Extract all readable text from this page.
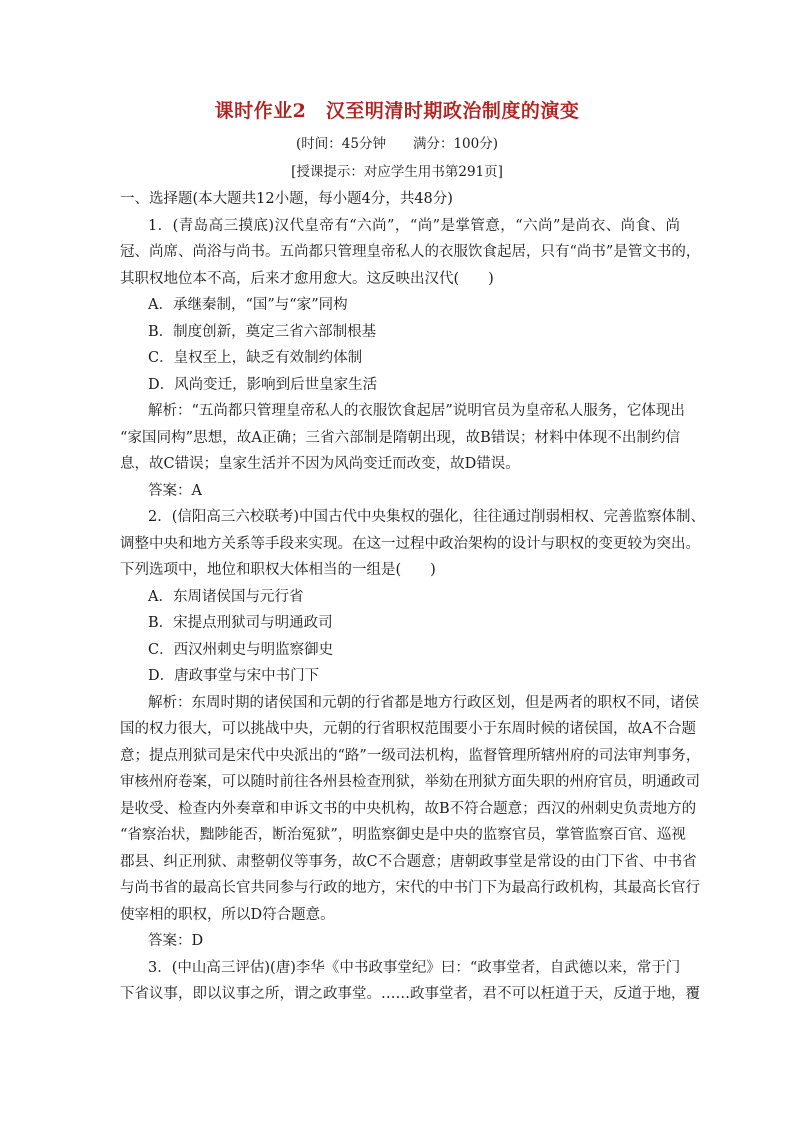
课时作业2　汉至明清时期政治制度的演变
(时间：45分钟　　满分：100分)
[授课提示：对应学生用书第291页]
一、选择题(本大题共12小题，每小题4分，共48分)
1．(青岛高三摸底)汉代皇帝有“六尚”，“尚”是掌管意，“六尚”是尚衣、尚食、尚
冠、尚席、尚浴与尚书。五尚都只管理皇帝私人的衣服饮食起居，只有“尚书”是管文书的，
其职权地位本不高，后来才愈用愈大。这反映出汉代(　　)
A．承继秦制，“国”与“家”同构
B．制度创新，奠定三省六部制根基
C．皇权至上，缺乏有效制约体制
D．风尚变迁，影响到后世皇家生活
解析：“五尚都只管理皇帝私人的衣服饮食起居”说明官员为皇帝私人服务，它体现出
“家国同构”思想，故A正确；三省六部制是隋朝出现，故B错误；材料中体现不出制约信
息，故C错误；皇家生活并不因为风尚变迁而改变，故D错误。
答案：A
2．(信阳高三六校联考)中国古代中央集权的强化，往往通过削弱相权、完善监察体制、
调整中央和地方关系等手段来实现。在这一过程中政治架构的设计与职权的变更较为突出。
下列选项中，地位和职权大体相当的一组是(　　)
A．东周诸侯国与元行省
B．宋提点刑狱司与明通政司
C．西汉州刺史与明监察御史
D．唐政事堂与宋中书门下
解析：东周时期的诸侯国和元朝的行省都是地方行政区划，但是两者的职权不同，诸侯
国的权力很大，可以挑战中央，元朝的行省职权范围要小于东周时候的诸侯国，故A不合题
意；提点刑狱司是宋代中央派出的“路”一级司法机构，监督管理所辖州府的司法审判事务，
审核州府卷案，可以随时前往各州县检查刑狱，举劾在刑狱方面失职的州府官员，明通政司
是收受、检查内外奏章和申诉文书的中央机构，故B不符合题意；西汉的州刺史负责地方的
“省察治状，黜陟能否，断治冤狱”，明监察御史是中央的监察官员，掌管监察百官、巡视
郡县、纠正刑狱、肃整朝仪等事务，故C不合题意；唐朝政事堂是常设的由门下省、中书省
与尚书省的最高长官共同参与行政的地方，宋代的中书门下为最高行政机构，其最高长官行
使宰相的职权，所以D符合题意。
答案：D
3．(中山高三评估)(唐)李华《中书政事堂纪》曰：“政事堂者，自武德以来，常于门
下省议事，即以议事之所，谓之政事堂。……政事堂者，君不可以枉道于天，反道于地，覆
